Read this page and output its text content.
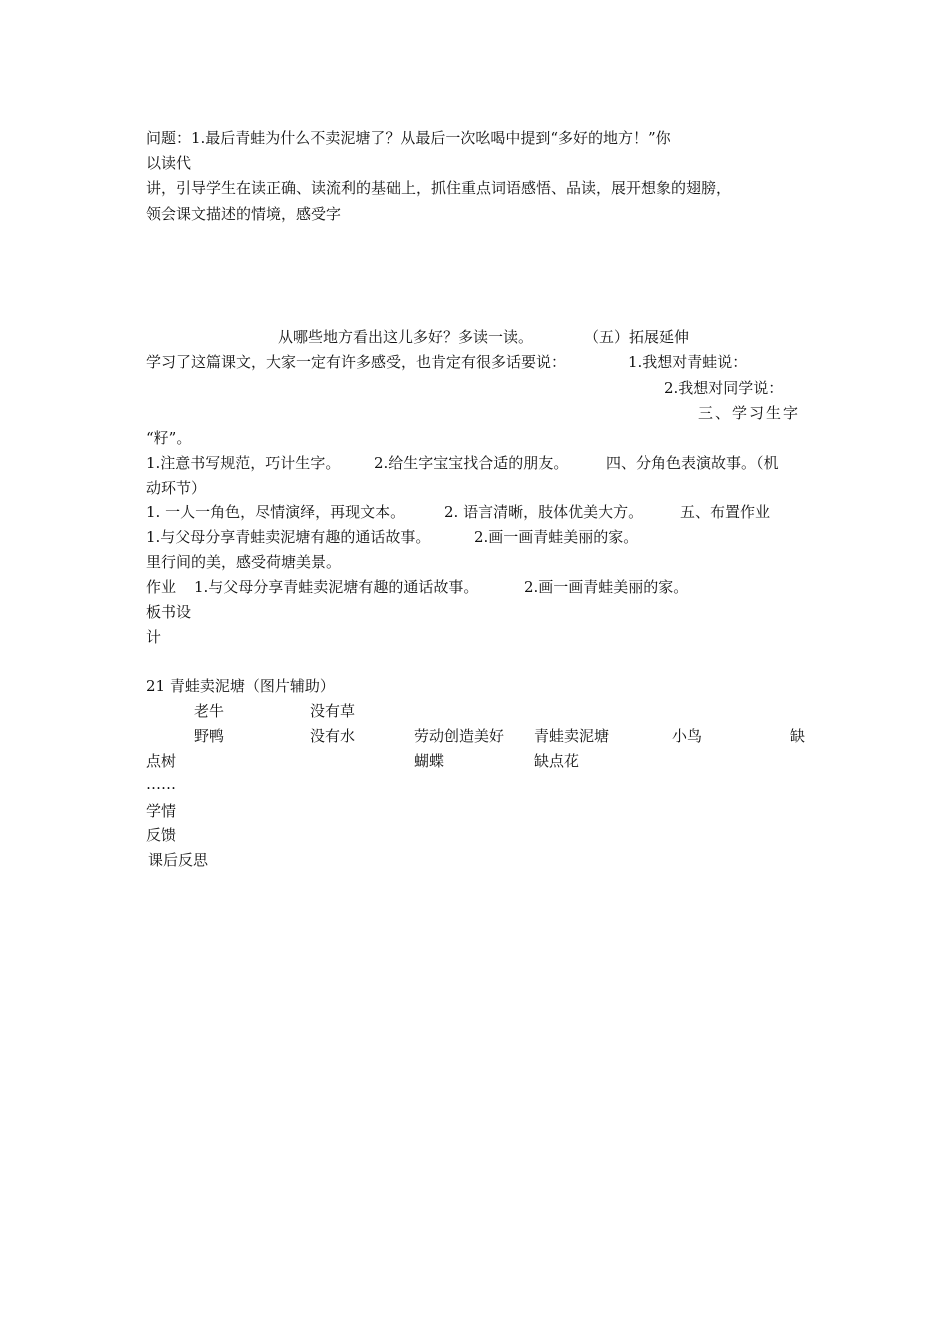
问题：1.最后青蛙为什么不卖泥塘了？从最后一次吆喝中提到“多好的地方！”你
以读代
讲，引导学生在读正确、读流利的基础上，抓住重点词语感悟、品读，展开想象的翅膀，
领会课文描述的情境，感受字
从哪些地方看出这儿多好？多读一读。	（五）拓展延伸
学习了这篇课文，大家一定有许多感受，也肯定有很多话要说：	1.我想对青蛙说：
2.我想对同学说：
三、学习生字
“籽”。
1.注意书写规范，巧计生字。 2.给生字宝宝找合适的朋友。	四、分角色表演故事。（机
动环节）
1. 一人一角色，尽情演绎，再现文本。	2. 语言清晰，肢体优美大方。 五、布置作业
1.与父母分享青蛙卖泥塘有趣的通话故事。	2.画一画青蛙美丽的家。
里行间的美，感受荷塘美景。
作业 1.与父母分享青蛙卖泥塘有趣的通话故事。	2.画一画青蛙美丽的家。
板书设
计
21 青蛙卖泥塘（图片辅助）
老牛	没有草
野鸭	没有水	劳动创造美好 青蛙卖泥塘	小鸟	缺
点树	蝴蝶	缺点花
……
学情
反馈
课后反思
